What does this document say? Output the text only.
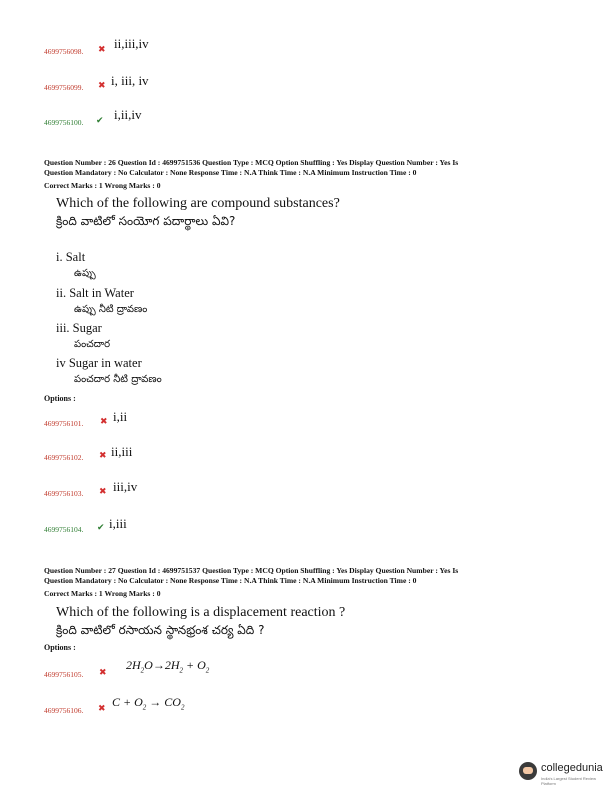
4699756098. ✖ ii,iii,iv
4699756099. ✖ i, iii, iv
4699756100. ✔ i,ii,iv
Question Number : 26 Question Id : 4699751536 Question Type : MCQ Option Shuffling : Yes Display Question Number : Yes Is
Question Mandatory : No Calculator : None Response Time : N.A Think Time : N.A Minimum Instruction Time : 0
Correct Marks : 1 Wrong Marks : 0
Which of the following are compound substances?
క్రింది వాటిలో సంయోగ పదార్థాలు ఏవి?
i. Salt
ఉప్పు
ii. Salt in Water
ఉప్పు నీటి ద్రావణం
iii. Sugar
పంచదార
iv Sugar in water
పంచదార నీటి ద్రావణం
Options :
4699756101. ✖ i,ii
4699756102. ✖ ii,iii
4699756103. ✖ iii,iv
4699756104. ✔ i,iii
Question Number : 27 Question Id : 4699751537 Question Type : MCQ Option Shuffling : Yes Display Question Number : Yes Is
Question Mandatory : No Calculator : None Response Time : N.A Think Time : N.A Minimum Instruction Time : 0
Correct Marks : 1 Wrong Marks : 0
Which of the following is a displacement reaction ?
క్రింది వాటిలో రసాయన స్థానభ్రంశ చర్య ఏది ?
Options :
4699756105. ✖
$2H_2O\to 2H_2 + O_2$
4699756106. ✖ $C + O_2 \to CO_2$
collegedunia
India's Largest Student Review Platform
